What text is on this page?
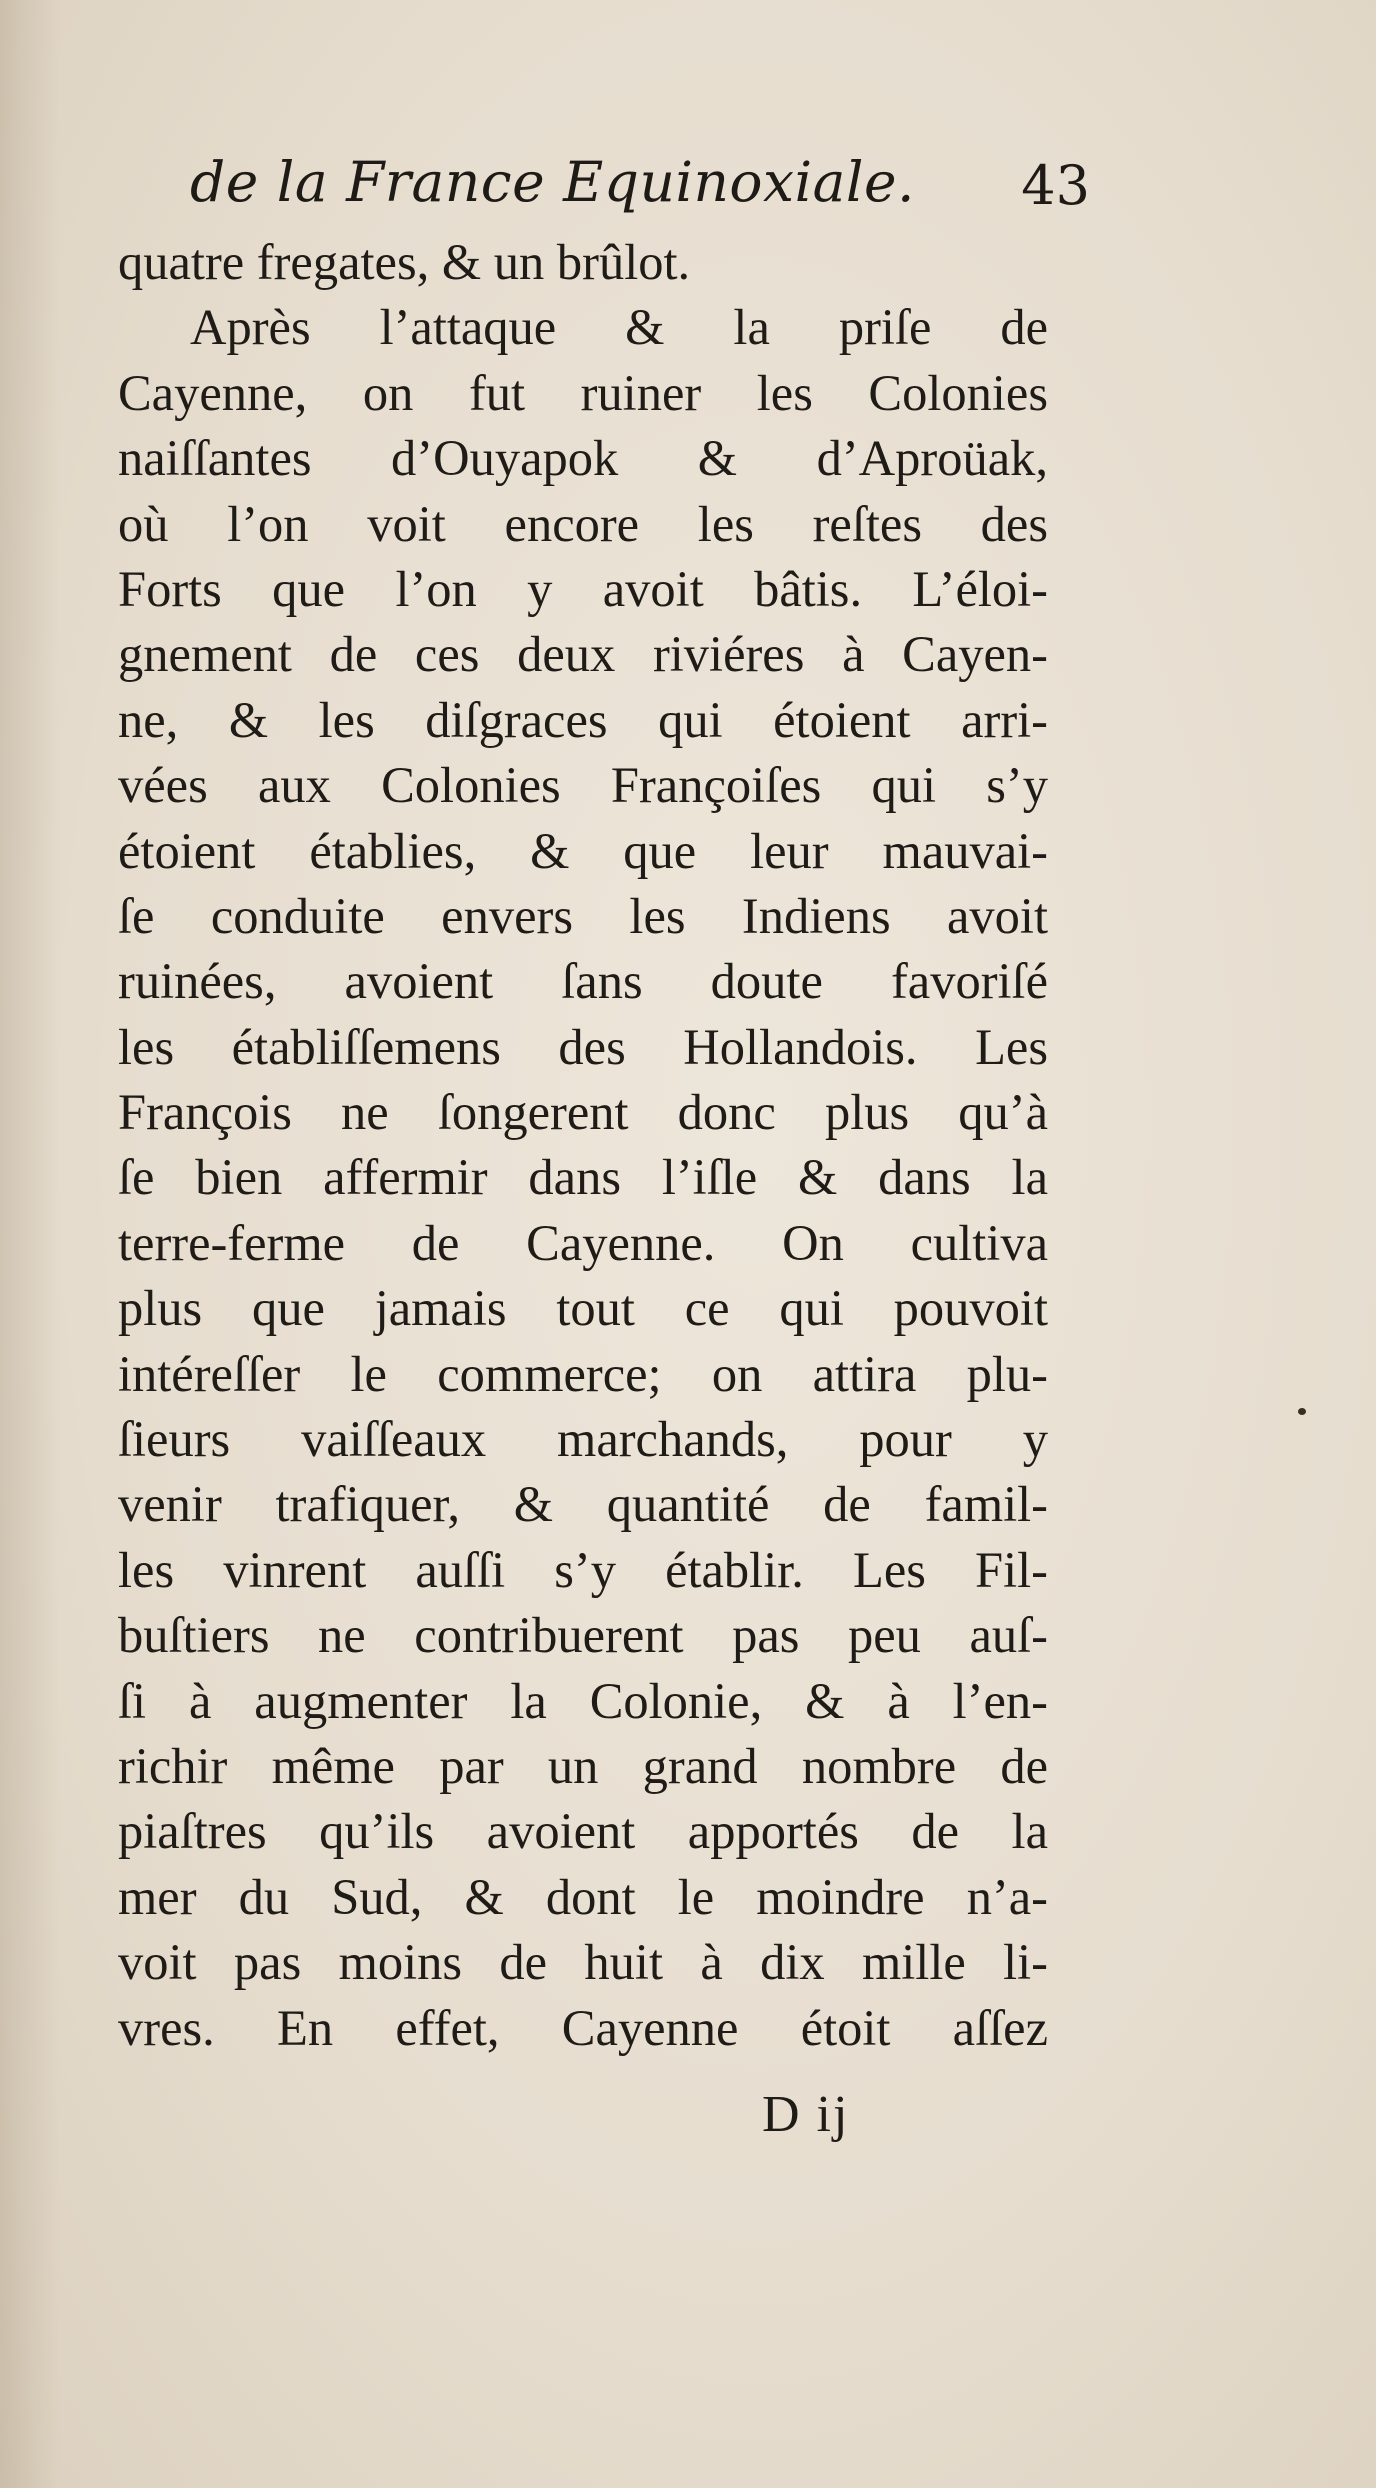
de la France Equinoxiale. 43
quatre fregates, & un brûlot.
Après l’attaque & la priſe de
Cayenne, on fut ruiner les Colonies
naiſſantes d’Ouyapok & d’Aproüak,
où l’on voit encore les reſtes des
Forts que l’on y avoit bâtis. L’éloi-
gnement de ces deux riviéres à Cayen-
ne, & les diſgraces qui étoient arri-
vées aux Colonies Françoiſes qui s’y
étoient établies, & que leur mauvai-
ſe conduite envers les Indiens avoit
ruinées, avoient ſans doute favoriſé
les établiſſemens des Hollandois. Les
François ne ſongerent donc plus qu’à
ſe bien affermir dans l’iſle & dans la
terre-ferme de Cayenne. On cultiva
plus que jamais tout ce qui pouvoit
intéreſſer le commerce; on attira plu-
ſieurs vaiſſeaux marchands, pour y
venir trafiquer, & quantité de famil-
les vinrent auſſi s’y établir. Les Fil-
buſtiers ne contribuerent pas peu auſ-
ſi à augmenter la Colonie, & à l’en-
richir même par un grand nombre de
piaſtres qu’ils avoient apportés de la
mer du Sud, & dont le moindre n’a-
voit pas moins de huit à dix mille li-
vres. En effet, Cayenne étoit aſſez
D ij
